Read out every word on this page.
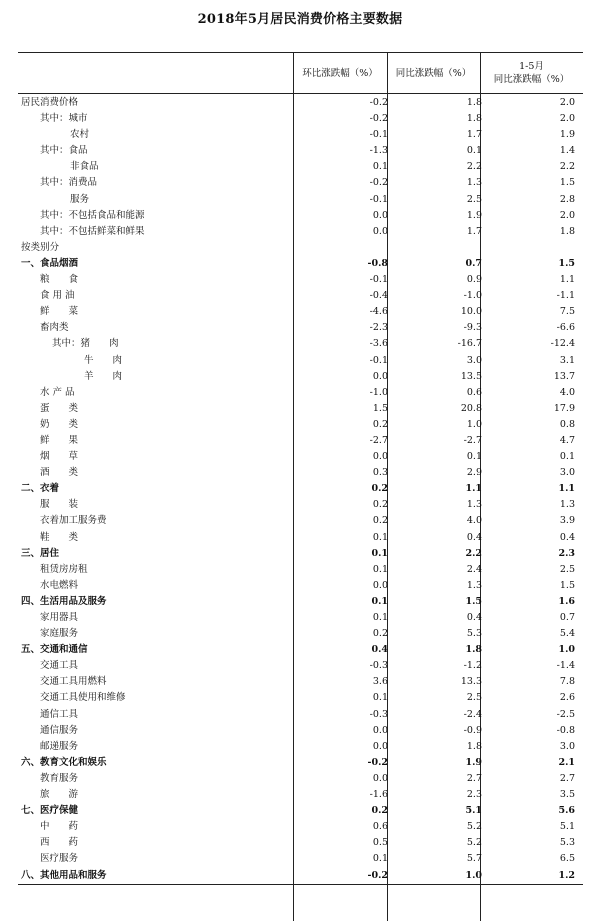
2018年5月居民消费价格主要数据
环比涨跌幅（%） 同比涨跌幅（%）
1-5月
同比涨跌幅（%）
居民消费价格	-0.2	1.8	2.0
其中：城市	-0.2	1.8	2.0
农村	-0.1	1.7	1.9
其中：食品	-1.3	0.1	1.4
非食品	0.1	2.2	2.2
其中：消费品	-0.2	1.3	1.5
服务	-0.1	2.5	2.8
其中：不包括食品和能源	0.0	1.9	2.0
其中：不包括鲜菜和鲜果	0.0	1.7	1.8
按类别分
一、食品烟酒	-0.8	0.7	1.5
粮　　食	-0.1	0.9	1.1
食 用 油	-0.4	-1.0	-1.1
鲜　　菜	-4.6	10.0	7.5
畜肉类	-2.3	-9.3	-6.6
其中：猪　　肉	-3.6	-16.7	-12.4
牛　　肉	-0.1	3.0	3.1
羊　　肉	0.0	13.5	13.7
水 产 品	-1.0	0.6	4.0
蛋　　类	1.5	20.8	17.9
奶　　类	0.2	1.0	0.8
鲜　　果	-2.7	-2.7	4.7
烟　　草	0.0	0.1	0.1
酒　　类	0.3	2.9	3.0
二、衣着	0.2	1.1	1.1
服　　装	0.2	1.3	1.3
衣着加工服务费	0.2	4.0	3.9
鞋　　类	0.1	0.4	0.4
三、居住	0.1	2.2	2.3
租赁房房租	0.1	2.4	2.5
水电燃料	0.0	1.3	1.5
四、生活用品及服务	0.1	1.5	1.6
家用器具	0.1	0.4	0.7
家庭服务	0.2	5.3	5.4
五、交通和通信	0.4	1.8	1.0
交通工具	-0.3	-1.2	-1.4
交通工具用燃料	3.6	13.3	7.8
交通工具使用和维修	0.1	2.5	2.6
通信工具	-0.3	-2.4	-2.5
通信服务	0.0	-0.9	-0.8
邮递服务	0.0	1.8	3.0
六、教育文化和娱乐	-0.2	1.9	2.1
教育服务	0.0	2.7	2.7
旅　　游	-1.6	2.3	3.5
七、医疗保健	0.2	5.1	5.6
中　　药	0.6	5.2	5.1
西　　药	0.5	5.2	5.3
医疗服务	0.1	5.7	6.5
八、其他用品和服务	-0.2	1.0	1.2
